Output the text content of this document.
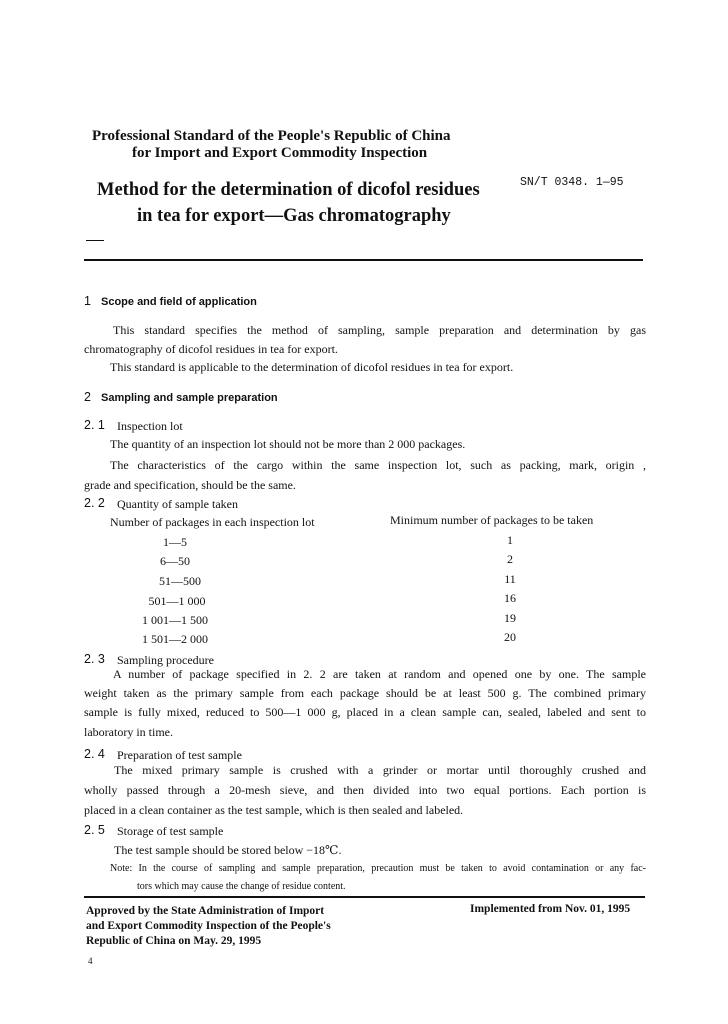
Professional Standard of the People's Republic of China
for Import and Export Commodity Inspection
Method for the determination of dicofol residues	SN/T 0348. 1—95
in tea for export—Gas chromatography
1 Scope and field of application
This standard specifies the method of sampling, sample preparation and determination by gas
chromatography of dicofol residues in tea for export.
This standard is applicable to the determination of dicofol residues in tea for export.
2 Sampling and sample preparation
2. 1 Inspection lot
The quantity of an inspection lot should not be more than 2 000 packages.
The characteristics of the cargo within the same inspection lot, such as packing, mark, origin ,
grade and specification, should be the same.
2. 2 Quantity of sample taken
Number of packages in each inspection lot	Minimum number of packages to be taken
1—5	1
6—50	2
51—500	11
501—1 000	16
1 001—1 500	19
1 501—2 000	20
2. 3 Sampling procedure
A number of package specified in 2. 2 are taken at random and opened one by one. The sample
weight taken as the primary sample from each package should be at least 500 g. The combined primary
sample is fully mixed, reduced to 500—1 000 g, placed in a clean sample can, sealed, labeled and sent to
laboratory in time.
2. 4 Preparation of test sample
The mixed primary sample is crushed with a grinder or mortar until thoroughly crushed and
wholly passed through a 20-mesh sieve, and then divided into two equal portions. Each portion is
placed in a clean container as the test sample, which is then sealed and labeled.
2. 5 Storage of test sample
The test sample should be stored below −18℃.
Note: In the course of sampling and sample preparation, precaution must be taken to avoid contamination or any fac-
tors which may cause the change of residue content.
Approved by the State Administration of Import
and Export Commodity Inspection of the People's
Republic of China on May. 29, 1995
Implemented from Nov. 01, 1995
4
